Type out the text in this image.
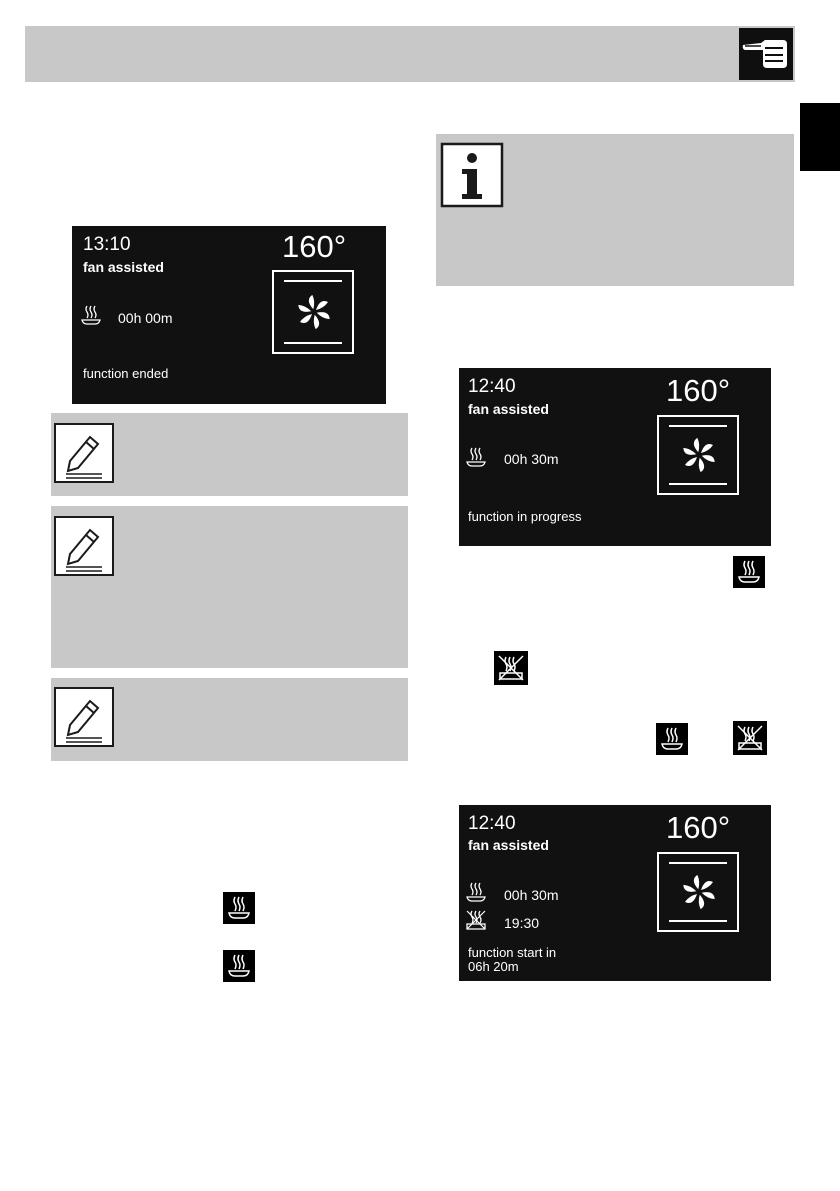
13:10
fan assisted
160°
00h 00m
function ended
12:40
fan assisted
160°
00h 30m
function in progress
12:40
fan assisted	160°
00h 30m
19:30
function start in
06h 20m
